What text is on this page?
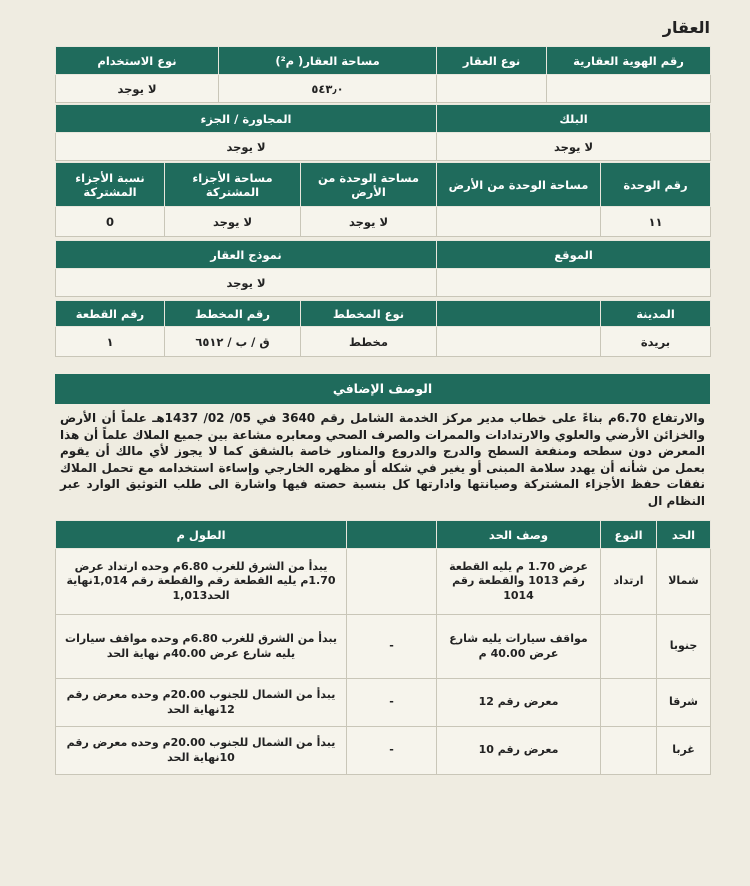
العقار
رقم الهوية العقارية	نوع العقار	مساحة العقار( م²)	نوع الاستخدام
		٥٤٣٫٠	لا يوجد
البلك	المجاورة / الجزء
لا يوجد	لا يوجد
رقم الوحدة	مساحة الوحدة من الأرض	مساحة الوحدة من الأرض	مساحة الأجزاء المشتركة	نسبة الأجزاء المشتركة
١١		لا يوجد	لا يوجد	0
الموقع	نموذج العقار
	لا يوجد
المدينة		نوع المخطط	رقم المخطط	رقم القطعة
بريدة		مخطط	ق / ب / ٦٥١٢	١
الوصف الإضافي
والارتفاع 6.70م بناءً على خطاب مدير مركز الخدمة الشامل رقم 3640 في 05/ 02/ 1437هـ علماً أن الأرض والخزائن الأرضي والعلوي والارتدادات والممرات والصرف الصحي ومعابره مشاعة بين جميع الملاك علماً أن هذا المعرض دون سطحه ومنفعة السطح والدرج والدروع والمناور خاصة بالشقق كما لا يجوز لأي مالك أن يقوم بعمل من شأنه أن يهدد سلامة المبنى أو يغير في شكله أو مظهره الخارجي وإساءة استخدامه مع تحمل الملاك نفقات حفظ الأجزاء المشتركة وصيانتها وادارتها كل بنسبة حصته فيها واشارة الى طلب التوثيق الوارد عبر النظام ال
الحد	النوع	وصف الحد		الطول م
شمالا	ارتداد	عرض 1.70 م يليه القطعة رقم 1013 والقطعة رقم 1014		يبدأ من الشرق للغرب 6.80م وحده ارتداد عرض 1.70م يليه القطعة رقم والقطعة رقم 1,014نهاية الحد1,013
جنوبا		مواقف سيارات يليه شارع عرض 40.00 م	-	يبدأ من الشرق للغرب 6.80م وحده مواقف سيارات يليه شارع عرض 40.00م نهاية الحد
شرقا		معرض رقم 12	-	يبدأ من الشمال للجنوب 20.00م وحده معرض رقم 12نهاية الحد
غربا		معرض رقم 10	-	يبدأ من الشمال للجنوب 20.00م وحده معرض رقم 10نهاية الحد
